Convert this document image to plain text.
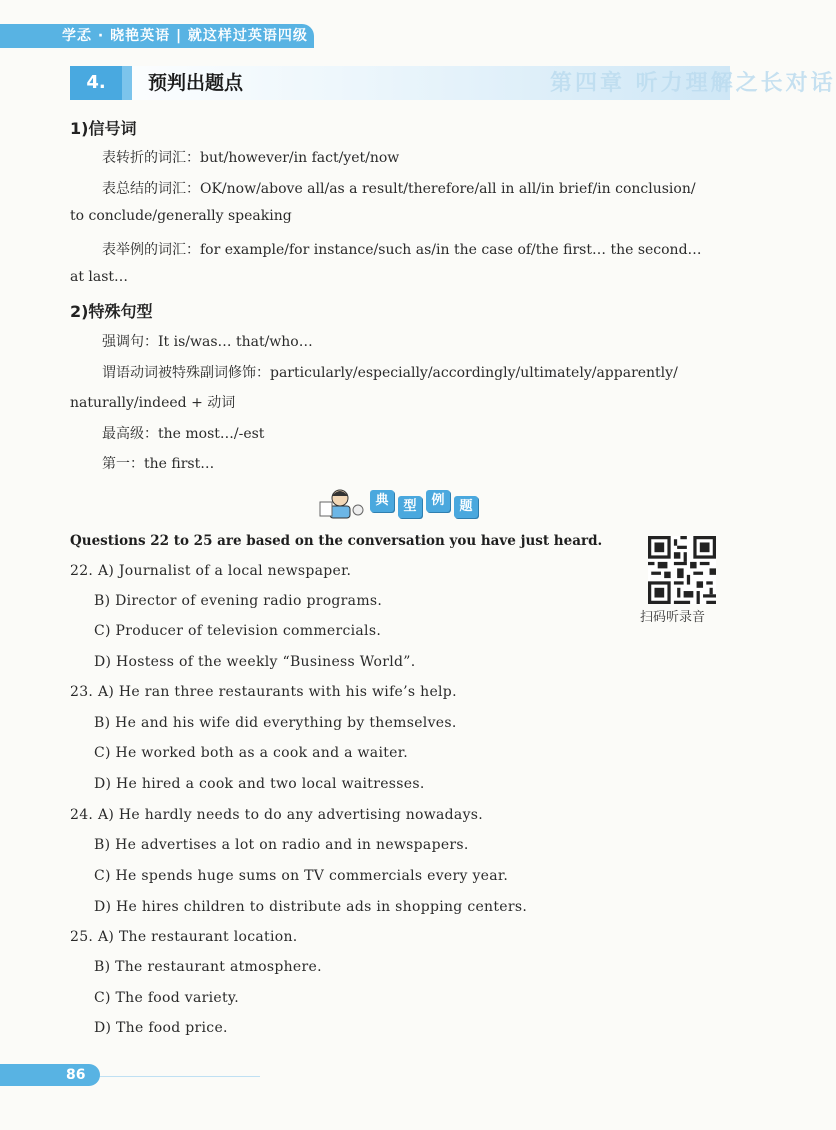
学孞 · 晓艳英语 | 就这样过英语四级
4.	预判出题点	第四章 听力理解之长对话
1)信号词
表转折的词汇：but/however/in fact/yet/now
表总结的词汇：OK/now/above all/as a result/therefore/all in all/in brief/in conclusion/
to conclude/generally speaking
表举例的词汇：for example/for instance/such as/in the case of/the first… the second…
at last…
2)特殊句型
强调句：It is/was… that/who…
谓语动词被特殊副词修饰：particularly/especially/accordingly/ultimately/apparently/
naturally/indeed + 动词
最高级：the most…/-est
第一：the first…
典	型	例	题
Questions 22 to 25 are based on the conversation you have just heard.
扫码听录音
22. A) Journalist of a local newspaper.
B) Director of evening radio programs.
C) Producer of television commercials.
D) Hostess of the weekly “Business World”.
23. A) He ran three restaurants with his wife’s help.
B) He and his wife did everything by themselves.
C) He worked both as a cook and a waiter.
D) He hired a cook and two local waitresses.
24. A) He hardly needs to do any advertising nowadays.
B) He advertises a lot on radio and in newspapers.
C) He spends huge sums on TV commercials every year.
D) He hires children to distribute ads in shopping centers.
25. A) The restaurant location.
B) The restaurant atmosphere.
C) The food variety.
D) The food price.
86
